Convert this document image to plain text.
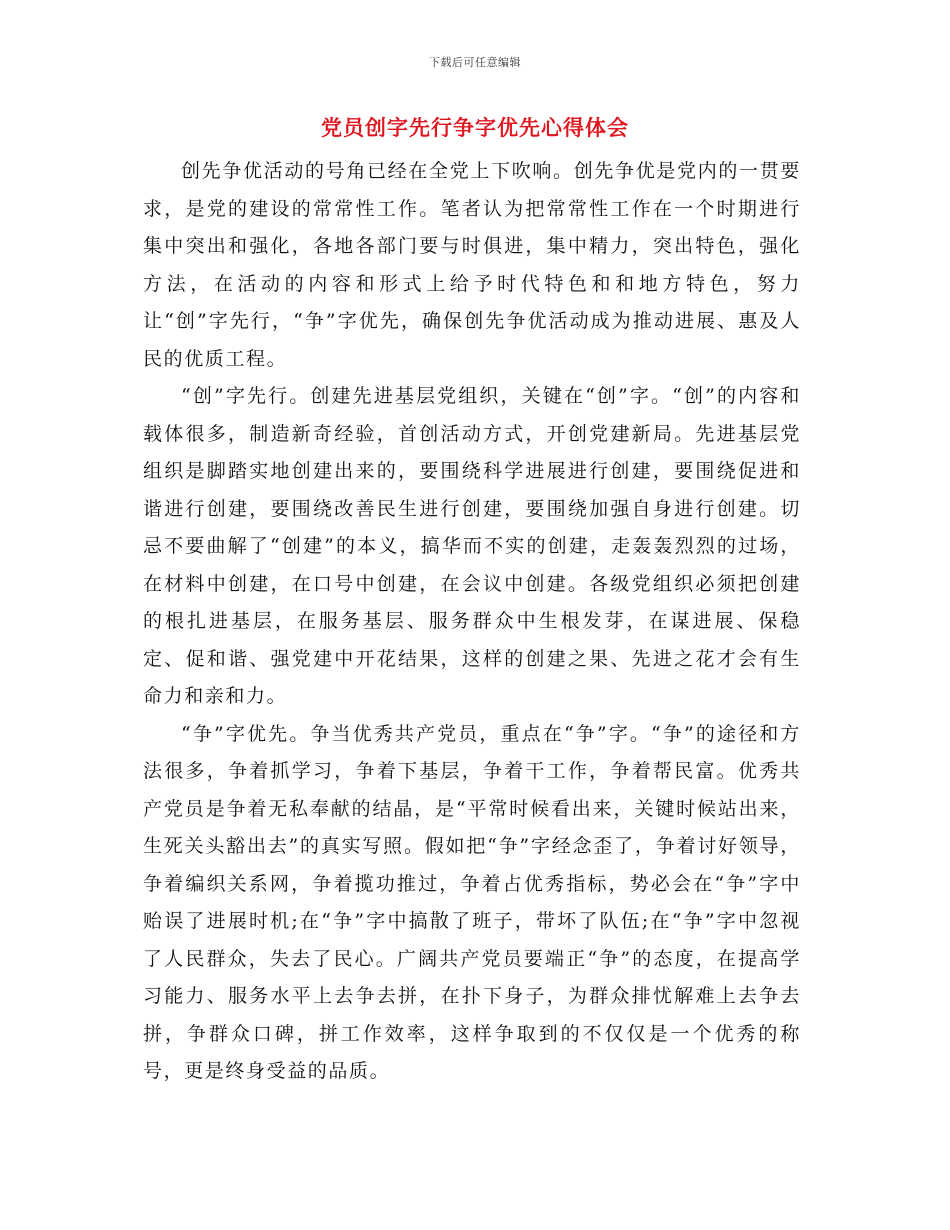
下载后可任意编辑
党员创字先行争字优先心得体会

创先争优活动的号角已经在全党上下吹响。创先争优是党内的一贯要求，是党的建设的常常性工作。笔者认为把常常性工作在一个时期进行集中突出和强化，各地各部门要与时俱进，集中精力，突出特色，强化方法，在活动的内容和形式上给予时代特色和和地方特色，努力让“创”字先行，“争”字优先，确保创先争优活动成为推动进展、惠及人民的优质工程。

“创”字先行。创建先进基层党组织，关键在“创”字。“创”的内容和载体很多，制造新奇经验，首创活动方式，开创党建新局。先进基层党组织是脚踏实地创建出来的，要围绕科学进展进行创建，要围绕促进和谐进行创建，要围绕改善民生进行创建，要围绕加强自身进行创建。切忌不要曲解了“创建”的本义，搞华而不实的创建，走轰轰烈烈的过场，在材料中创建，在口号中创建，在会议中创建。各级党组织必须把创建的根扎进基层，在服务基层、服务群众中生根发芽，在谋进展、保稳定、促和谐、强党建中开花结果，这样的创建之果、先进之花才会有生命力和亲和力。

“争”字优先。争当优秀共产党员，重点在“争”字。“争”的途径和方法很多，争着抓学习，争着下基层，争着干工作，争着帮民富。优秀共产党员是争着无私奉献的结晶，是“平常时候看出来，关键时候站出来，生死关头豁出去”的真实写照。假如把“争”字经念歪了，争着讨好领导，争着编织关系网，争着揽功推过，争着占优秀指标，势必会在“争”字中贻误了进展时机;在“争”字中搞散了班子，带坏了队伍;在“争”字中忽视了人民群众，失去了民心。广阔共产党员要端正“争”的态度，在提高学习能力、服务水平上去争去拼，在扑下身子，为群众排忧解难上去争去拼，争群众口碑，拼工作效率，这样争取到的不仅仅是一个优秀的称号，更是终身受益的品质。
